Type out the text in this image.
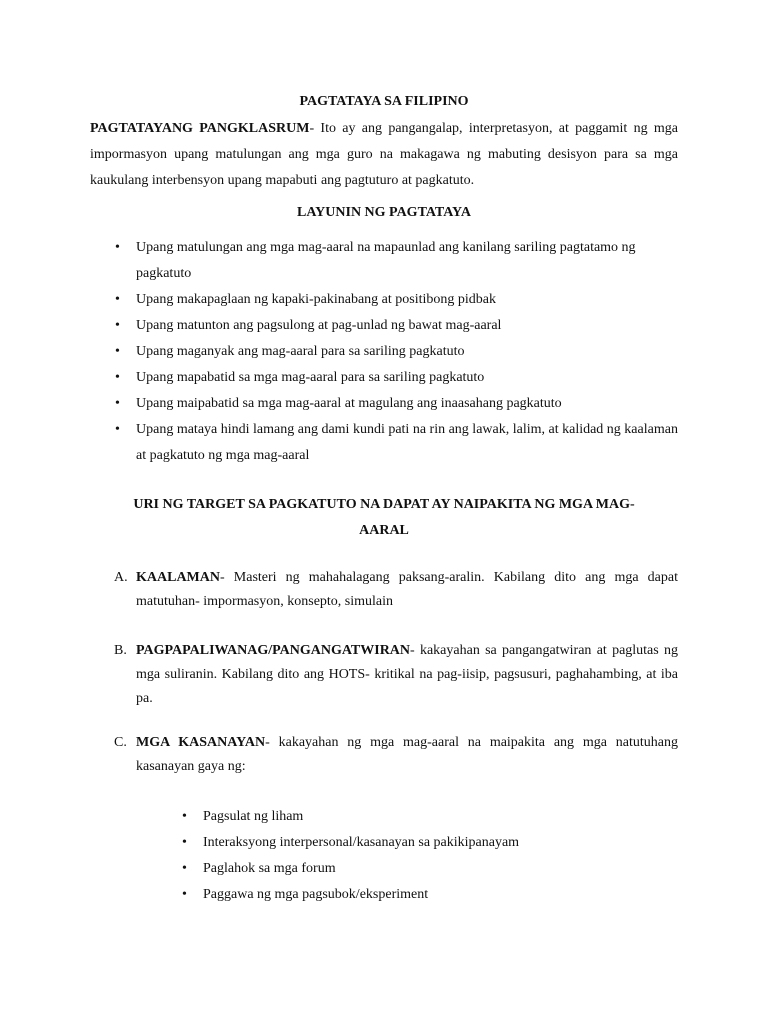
PAGTATAYA SA FILIPINO

PAGTATAYANG PANGKLASRUM- Ito ay ang pangangalap, interpretasyon, at paggamit ng mga impormasyon upang matulungan ang mga guro na makagawa ng mabuting desisyon para sa mga kaukulang interbensyon upang mapabuti ang pagtuturo at pagkatuto.

LAYUNIN NG PAGTATAYA
• Upang matulungan ang mga mag-aaral na mapaunlad ang kanilang sariling pagtatamo ng pagkatuto
• Upang makapaglaan ng kapaki-pakinabang at positibong pidbak
• Upang matunton ang pagsulong at pag-unlad ng bawat mag-aaral
• Upang maganyak ang mag-aaral para sa sariling pagkatuto
• Upang mapabatid sa mga mag-aaral para sa sariling pagkatuto
• Upang maipabatid sa mga mag-aaral at magulang ang inaasahang pagkatuto
• Upang mataya hindi lamang ang dami kundi pati na rin ang lawak, lalim, at kalidad ng kaalaman at pagkatuto ng mga mag-aaral
URI NG TARGET SA PAGKATUTO NA DAPAT AY NAIPAKITA NG MGA MAG-
AARAL
A. KAALAMAN- Masteri ng mahahalagang paksang-aralin. Kabilang dito ang mga dapat matutuhan- impormasyon, konsepto, simulain
B. PAGPAPALIWANAG/PANGANGATWIRAN- kakayahan sa pangangatwiran at paglutas ng mga suliranin. Kabilang dito ang HOTS- kritikal na pag-iisip, pagsusuri, paghahambing, at iba pa.
C. MGA KASANAYAN- kakayahan ng mga mag-aaral na maipakita ang mga natutuhang kasanayan gaya ng:
• Pagsulat ng liham
• Interaksyong interpersonal/kasanayan sa pakikipanayam
• Paglahok sa mga forum
• Paggawa ng mga pagsubok/eksperiment
